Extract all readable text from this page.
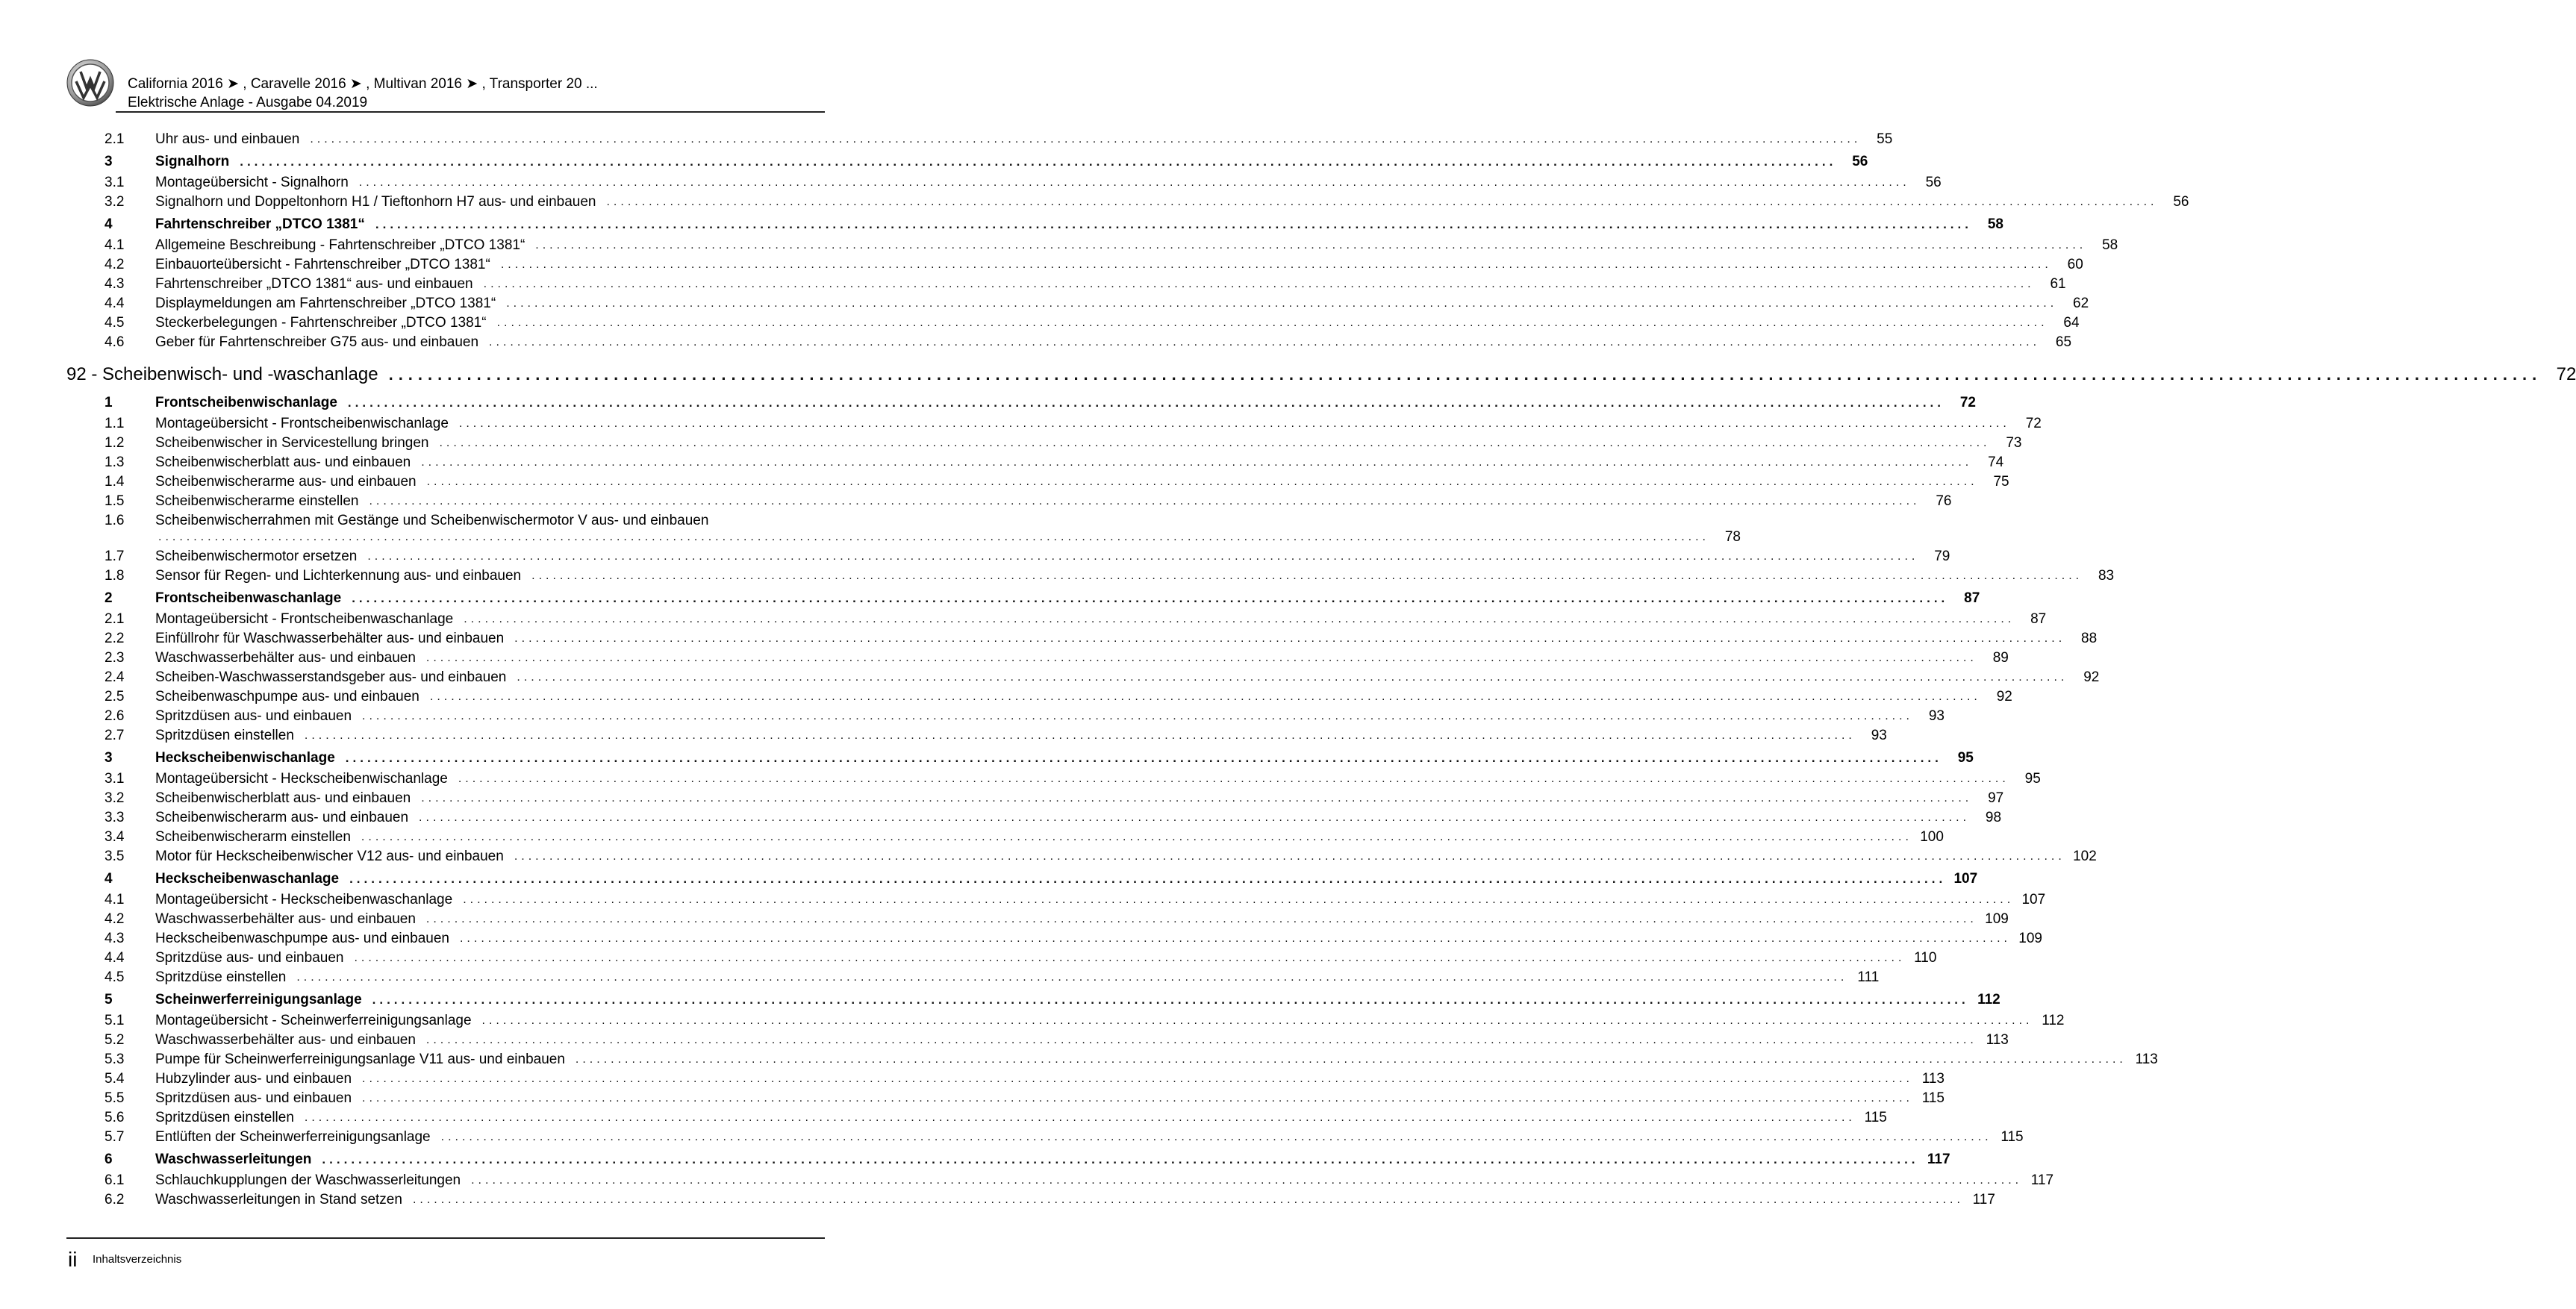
California 2016 ➤ , Caravelle 2016 ➤ , Multivan 2016 ➤ , Transporter 20 ...
Elektrische Anlage - Ausgabe 04.2019
2.1 Uhr aus- und einbauen ............................................................................................................................................................................................................................	55
3	Signalhorn ............................................................................................................................................................................................................................	56
3.1 Montageübersicht - Signalhorn ............................................................................................................................................................................................................................	56
3.2 Signalhorn und Doppeltonhorn H1 / Tieftonhorn H7 aus- und einbauen ............................................................................................................................................................................................................................	56
4	Fahrtenschreiber „DTCO 1381“ ............................................................................................................................................................................................................................	58
4.1 Allgemeine Beschreibung - Fahrtenschreiber „DTCO 1381“ ............................................................................................................................................................................................................................	58
4.2 Einbauorteübersicht - Fahrtenschreiber „DTCO 1381“ ............................................................................................................................................................................................................................	60
4.3 Fahrtenschreiber „DTCO 1381“ aus- und einbauen ............................................................................................................................................................................................................................	61
4.4 Displaymeldungen am Fahrtenschreiber „DTCO 1381“ ............................................................................................................................................................................................................................	62
4.5 Steckerbelegungen - Fahrtenschreiber „DTCO 1381“ ............................................................................................................................................................................................................................	64
4.6 Geber für Fahrtenschreiber G75 aus- und einbauen ............................................................................................................................................................................................................................	65
92 - Scheibenwisch- und -waschanlage ............................................................................................................................................................................................................................ 72
1	Frontscheibenwischanlage ............................................................................................................................................................................................................................	72
1.1 Montageübersicht - Frontscheibenwischanlage ............................................................................................................................................................................................................................	72
1.2 Scheibenwischer in Servicestellung bringen ............................................................................................................................................................................................................................	73
1.3 Scheibenwischerblatt aus- und einbauen ............................................................................................................................................................................................................................	74
1.4 Scheibenwischerarme aus- und einbauen ............................................................................................................................................................................................................................	75
1.5 Scheibenwischerarme einstellen ............................................................................................................................................................................................................................	76
1.6 Scheibenwischerrahmen mit Gestänge und Scheibenwischermotor V aus- und einbauen
............................................................................................................................................................................................................................	78
1.7 Scheibenwischermotor ersetzen ............................................................................................................................................................................................................................	79
1.8 Sensor für Regen- und Lichterkennung aus- und einbauen ............................................................................................................................................................................................................................	83
2	Frontscheibenwaschanlage ............................................................................................................................................................................................................................	87
2.1 Montageübersicht - Frontscheibenwaschanlage ............................................................................................................................................................................................................................	87
2.2 Einfüllrohr für Waschwasserbehälter aus- und einbauen ............................................................................................................................................................................................................................	88
2.3 Waschwasserbehälter aus- und einbauen ............................................................................................................................................................................................................................	89
2.4 Scheiben-Waschwasserstandsgeber aus- und einbauen ............................................................................................................................................................................................................................	92
2.5 Scheibenwaschpumpe aus- und einbauen ............................................................................................................................................................................................................................	92
2.6 Spritzdüsen aus- und einbauen ............................................................................................................................................................................................................................	93
2.7 Spritzdüsen einstellen ............................................................................................................................................................................................................................	93
3	Heckscheibenwischanlage ............................................................................................................................................................................................................................	95
3.1 Montageübersicht - Heckscheibenwischanlage ............................................................................................................................................................................................................................	95
3.2 Scheibenwischerblatt aus- und einbauen ............................................................................................................................................................................................................................	97
3.3 Scheibenwischerarm aus- und einbauen ............................................................................................................................................................................................................................	98
3.4 Scheibenwischerarm einstellen ............................................................................................................................................................................................................................ 100
3.5 Motor für Heckscheibenwischer V12 aus- und einbauen ............................................................................................................................................................................................................................ 102
4	Heckscheibenwaschanlage ............................................................................................................................................................................................................................ 107
4.1 Montageübersicht - Heckscheibenwaschanlage ............................................................................................................................................................................................................................ 107
4.2 Waschwasserbehälter aus- und einbauen ............................................................................................................................................................................................................................ 109
4.3 Heckscheibenwaschpumpe aus- und einbauen ............................................................................................................................................................................................................................ 109
4.4 Spritzdüse aus- und einbauen ............................................................................................................................................................................................................................ 110
4.5 Spritzdüse einstellen ............................................................................................................................................................................................................................ 111
5	Scheinwerferreinigungsanlage ............................................................................................................................................................................................................................ 112
5.1 Montageübersicht - Scheinwerferreinigungsanlage ............................................................................................................................................................................................................................ 112
5.2 Waschwasserbehälter aus- und einbauen ............................................................................................................................................................................................................................ 113
5.3 Pumpe für Scheinwerferreinigungsanlage V11 aus- und einbauen ............................................................................................................................................................................................................................ 113
5.4 Hubzylinder aus- und einbauen ............................................................................................................................................................................................................................ 113
5.5 Spritzdüsen aus- und einbauen ............................................................................................................................................................................................................................ 115
5.6 Spritzdüsen einstellen ............................................................................................................................................................................................................................ 115
5.7 Entlüften der Scheinwerferreinigungsanlage ............................................................................................................................................................................................................................ 115
6	Waschwasserleitungen ............................................................................................................................................................................................................................ 117
6.1 Schlauchkupplungen der Waschwasserleitungen ............................................................................................................................................................................................................................ 117
6.2 Waschwasserleitungen in Stand setzen ............................................................................................................................................................................................................................ 117
ii Inhaltsverzeichnis
